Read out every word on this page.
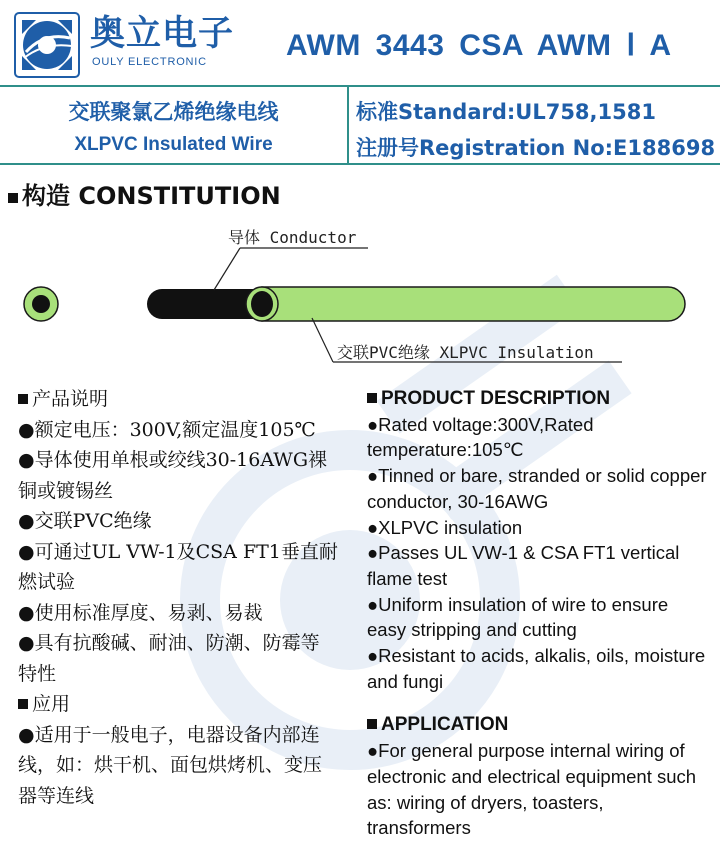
奥立电子
OULY ELECTRONIC	AWM 3443 CSA AWM Ⅰ A
交联聚氯乙烯绝缘电线
XLPVC Insulated Wire
标准Standard:UL758,1581
注册号Registration No:E188698
构造 CONSTITUTION
导体 Conductor
交联PVC绝缘 XLPVC Insulation
产品说明
●额定电压：300V,额定温度105℃
●导体使用单根或绞线30-16AWG裸铜或镀锡丝
●交联PVC绝缘
●可通过UL VW-1及CSA FT1垂直耐燃试验
●使用标准厚度、易剥、易裁
●具有抗酸碱、耐油、防潮、防霉等特性
应用
●适用于一般电子，电器设备内部连线，如：烘干机、面包烘烤机、变压器等连线
PRODUCT DESCRIPTION
●Rated voltage:300V,Rated temperature:105℃
●Tinned or bare, stranded or solid copper conductor, 30-16AWG
●XLPVC insulation
●Passes UL VW-1 & CSA FT1 vertical flame test
●Uniform insulation of wire to ensure easy stripping and cutting
●Resistant to acids, alkalis, oils, moisture and fungi
APPLICATION
●For general purpose internal wiring of electronic and electrical equipment such as: wiring of dryers, toasters, transformers
